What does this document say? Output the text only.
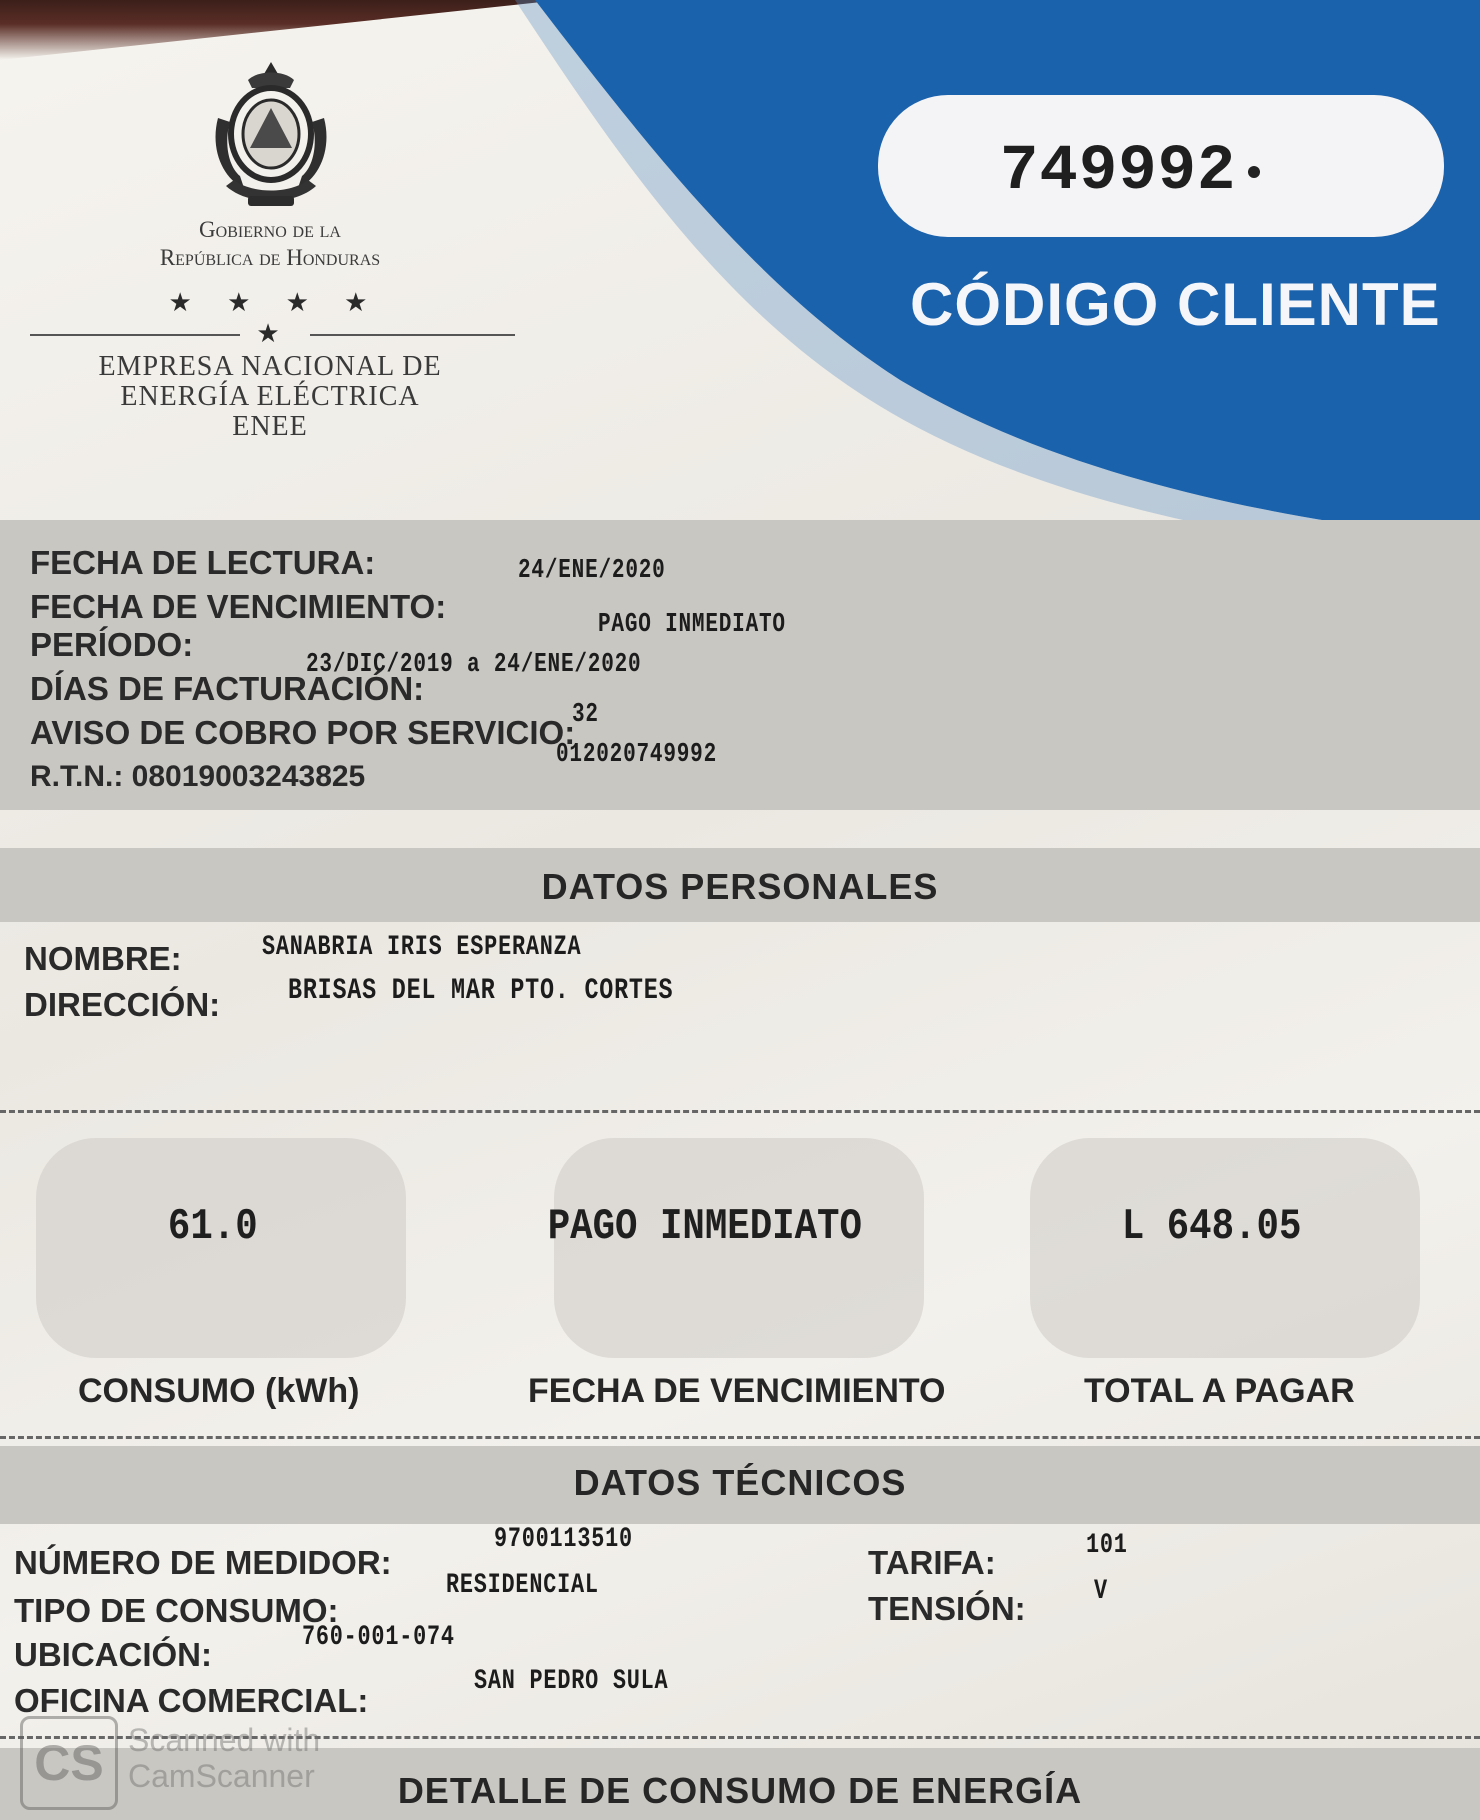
749992
CÓDIGO CLIENTE
Gobierno de la
República de Honduras
★ ★ ★ ★ ★
EMPRESA NACIONAL DE
ENERGÍA ELÉCTRICA
ENEE
FECHA DE LECTURA:	24/ENE/2020
FECHA DE VENCIMIENTO:	PAGO INMEDIATO
PERÍODO:
23/DIC/2019 a 24/ENE/2020
DÍAS DE FACTURACIÓN:
32
AVISO DE COBRO POR SERVICIO:
012020749992
R.T.N.: 08019003243825
DATOS PERSONALES
NOMBRE:	SANABRIA IRIS ESPERANZA
DIRECCIÓN: BRISAS DEL MAR PTO. CORTES
61.0	PAGO INMEDIATO	L 648.05
CONSUMO (kWh)	FECHA DE VENCIMIENTO	TOTAL A PAGAR
DATOS TÉCNICOS
NÚMERO DE MEDIDOR:
9700113510
TIPO DE CONSUMO:
RESIDENCIAL
UBICACIÓN:	760-001-074
OFICINA COMERCIAL:
SAN PEDRO SULA
TARIFA:	101
TENSIÓN: V
DETALLE DE CONSUMO DE ENERGÍA
CS Scanned with
CamScanner
